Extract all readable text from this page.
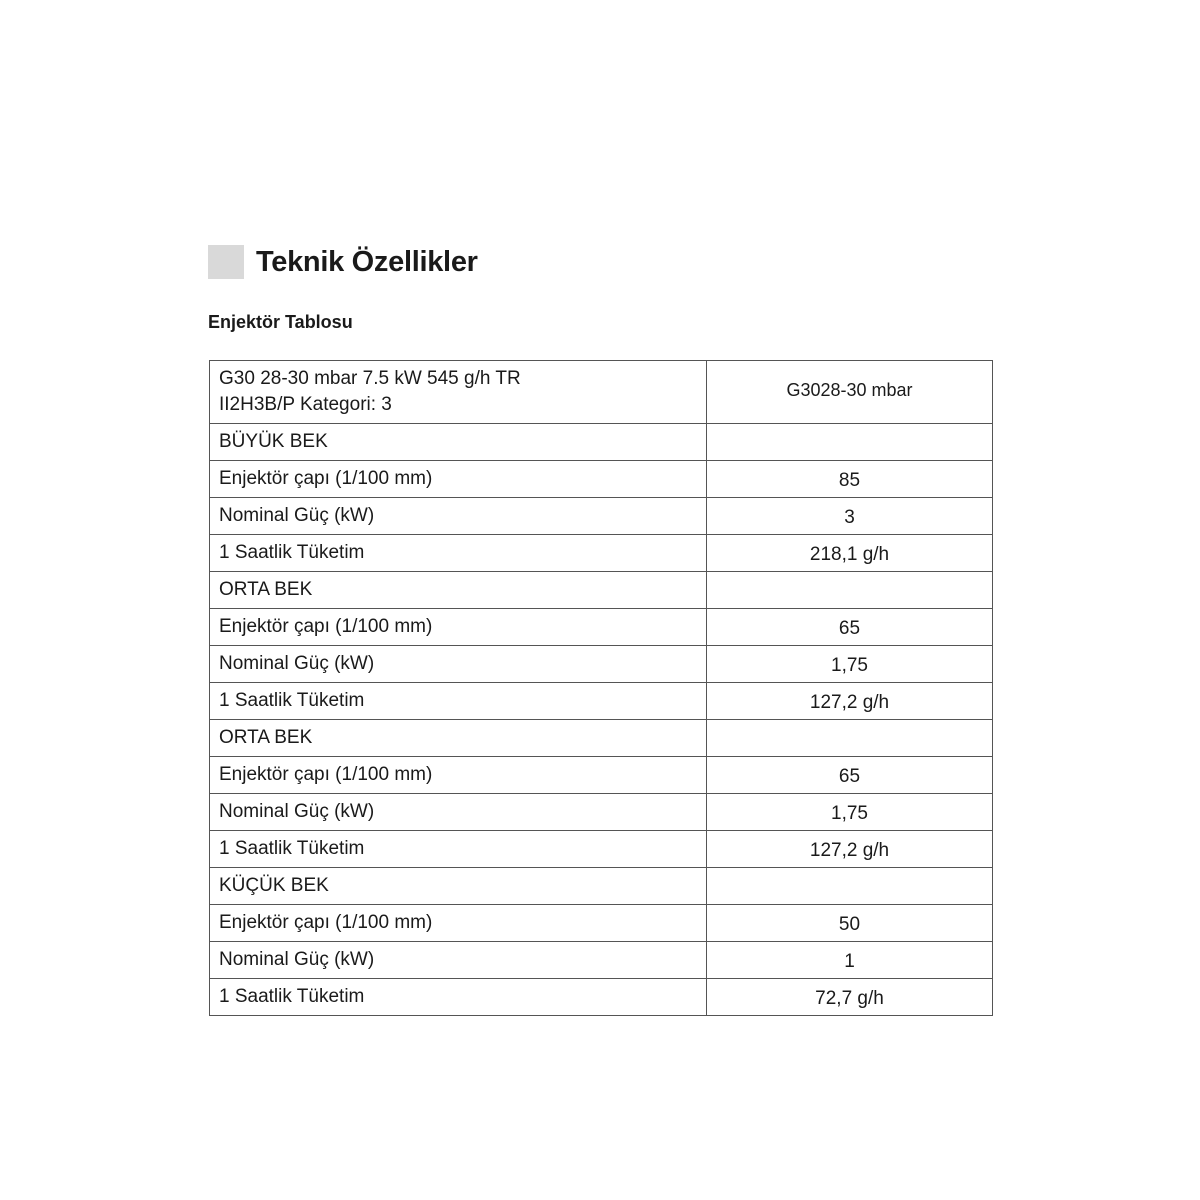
Teknik Özellikler
Enjektör Tablosu
G30 28-30 mbar 7.5 kW 545 g/h TR
II2H3B/P Kategori: 3	G3028-30 mbar
BÜYÜK BEK	
Enjektör çapı (1/100 mm)	85
Nominal Güç (kW)	3
1 Saatlik Tüketim	218,1 g/h
ORTA BEK	
Enjektör çapı (1/100 mm)	65
Nominal Güç (kW)	1,75
1 Saatlik Tüketim	127,2 g/h
ORTA BEK	
Enjektör çapı (1/100 mm)	65
Nominal Güç (kW)	1,75
1 Saatlik Tüketim	127,2 g/h
KÜÇÜK BEK	
Enjektör çapı (1/100 mm)	50
Nominal Güç (kW)	1
1 Saatlik Tüketim	72,7 g/h
